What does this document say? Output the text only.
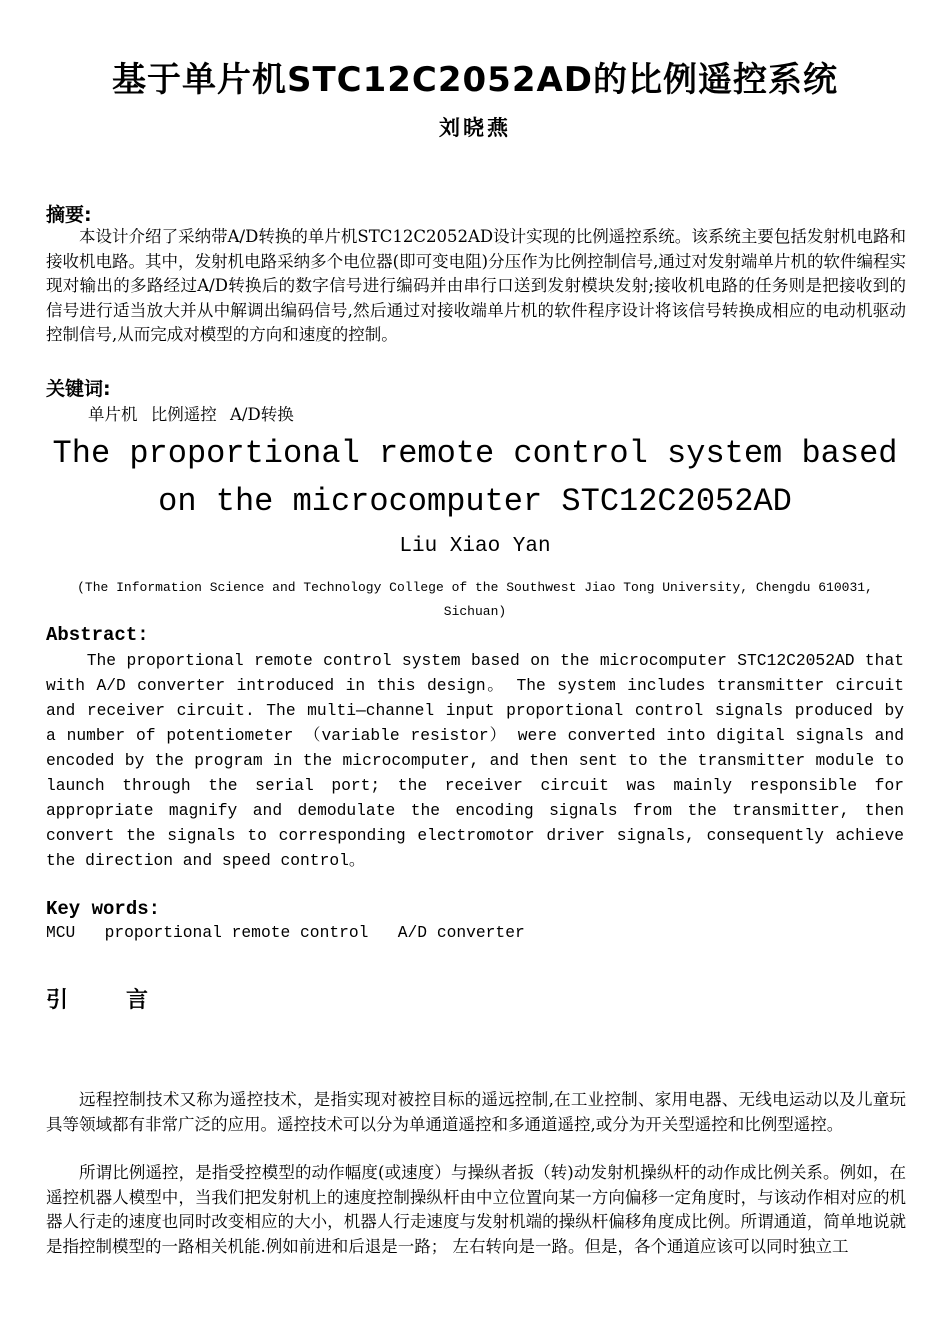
基于单片机STC12C2052AD的比例遥控系统
刘晓燕
摘要:
本设计介绍了采纳带A/D转换的单片机STC12C2052AD设计实现的比例遥控系统。该系统主要包括发射机电路和接收机电路。其中，发射机电路采纳多个电位器(即可变电阻)分压作为比例控制信号,通过对发射端单片机的软件编程实现对输出的多路经过A/D转换后的数字信号进行编码并由串行口送到发射模块发射;接收机电路的任务则是把接收到的信号进行适当放大并从中解调出编码信号,然后通过对接收端单片机的软件程序设计将该信号转换成相应的电动机驱动控制信号,从而完成对模型的方向和速度的控制。
关键词:
单片机 比例遥控 A/D转换
The proportional remote control system based on the microcomputer STC12C2052AD
Liu Xiao Yan
(The Information Science and Technology College of the Southwest Jiao Tong University, Chengdu 610031, Sichuan)
Abstract:
The proportional remote control system based on the microcomputer STC12C2052AD that with A/D converter introduced in this design。 The system includes transmitter circuit and receiver circuit. The multi—channel input proportional control signals produced by a number of potentiometer （variable resistor） were converted into digital signals and encoded by the program in the microcomputer, and then sent to the transmitter module to launch through the serial port; the receiver circuit was mainly responsible for appropriate magnify and demodulate the encoding signals from the transmitter, then convert the signals to corresponding electromotor driver signals, consequently achieve the direction and speed control。
Key words:
MCU   proportional remote control   A/D converter
引言
远程控制技术又称为遥控技术，是指实现对被控目标的遥远控制,在工业控制、家用电器、无线电运动以及儿童玩具等领域都有非常广泛的应用。遥控技术可以分为单通道遥控和多通道遥控,或分为开关型遥控和比例型遥控。
所谓比例遥控，是指受控模型的动作幅度(或速度）与操纵者扳（转)动发射机操纵杆的动作成比例关系。例如，在遥控机器人模型中，当我们把发射机上的速度控制操纵杆由中立位置向某一方向偏移一定角度时，与该动作相对应的机器人行走的速度也同时改变相应的大小，机器人行走速度与发射机端的操纵杆偏移角度成比例。所谓通道，简单地说就是指控制模型的一路相关机能.例如前进和后退是一路； 左右转向是一路。但是，各个通道应该可以同时独立工
